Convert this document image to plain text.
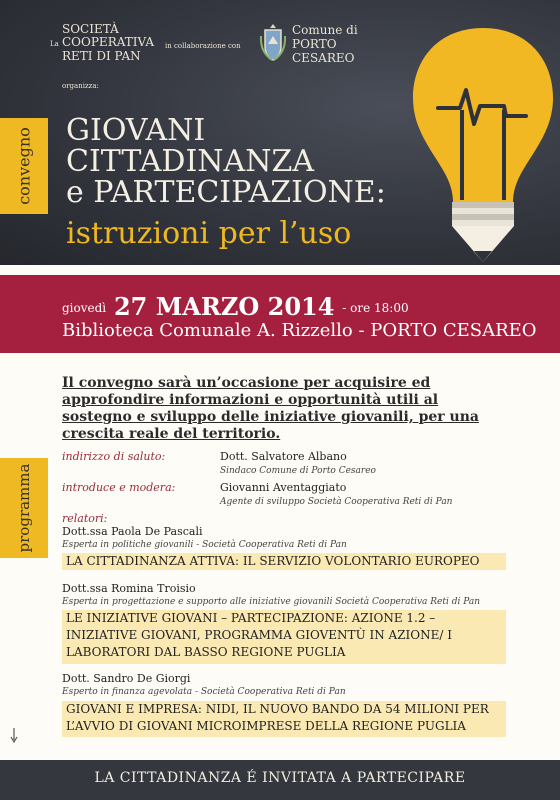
SOCIETÀ
La COOPERATIVA
RETI DI PAN
in collaborazione con
organizza:
Comune di
PORTO
CESAREO
convegno GIOVANI
CITTADINANZA
e PARTECIPAZIONE:
istruzioni per l’uso
giovedì 27 MARZO 2014 - ore 18:00
Biblioteca Comunale A. Rizzello - PORTO CESAREO
Il convegno sarà un’occasione per acquisire ed approfondire informazioni e opportunità utili al sostegno e sviluppo delle iniziative giovanili, per una crescita reale del territorio.
programma
indirizzo di saluto:	Dott. Salvatore Albano
Sindaco Comune di Porto Cesareo
introduce e modera:	Giovanni Aventaggiato
Agente di sviluppo Società Cooperativa Reti di Pan
relatori:
Dott.ssa Paola De Pascali
Esperta in politiche giovanili - Società Cooperativa Reti di Pan
LA CITTADINANZA ATTIVA: IL SERVIZIO VOLONTARIO EUROPEO
Dott.ssa Romina Troisio
Esperta in progettazione e supporto alle iniziative giovanili Società Cooperativa Reti di Pan
LE INIZIATIVE GIOVANI – PARTECIPAZIONE: AZIONE 1.2 –
INIZIATIVE GIOVANI, PROGRAMMA GIOVENTÙ IN AZIONE/ I
LABORATORI DAL BASSO REGIONE PUGLIA
Dott. Sandro De Giorgi
Esperto in finanza agevolata - Società Cooperativa Reti di Pan
GIOVANI E IMPRESA: NIDI, IL NUOVO BANDO DA 54 MILIONI PER
L’AVVIO DI GIOVANI MICROIMPRESE DELLA REGIONE PUGLIA
LA CITTADINANZA É INVITATA A PARTECIPARE
